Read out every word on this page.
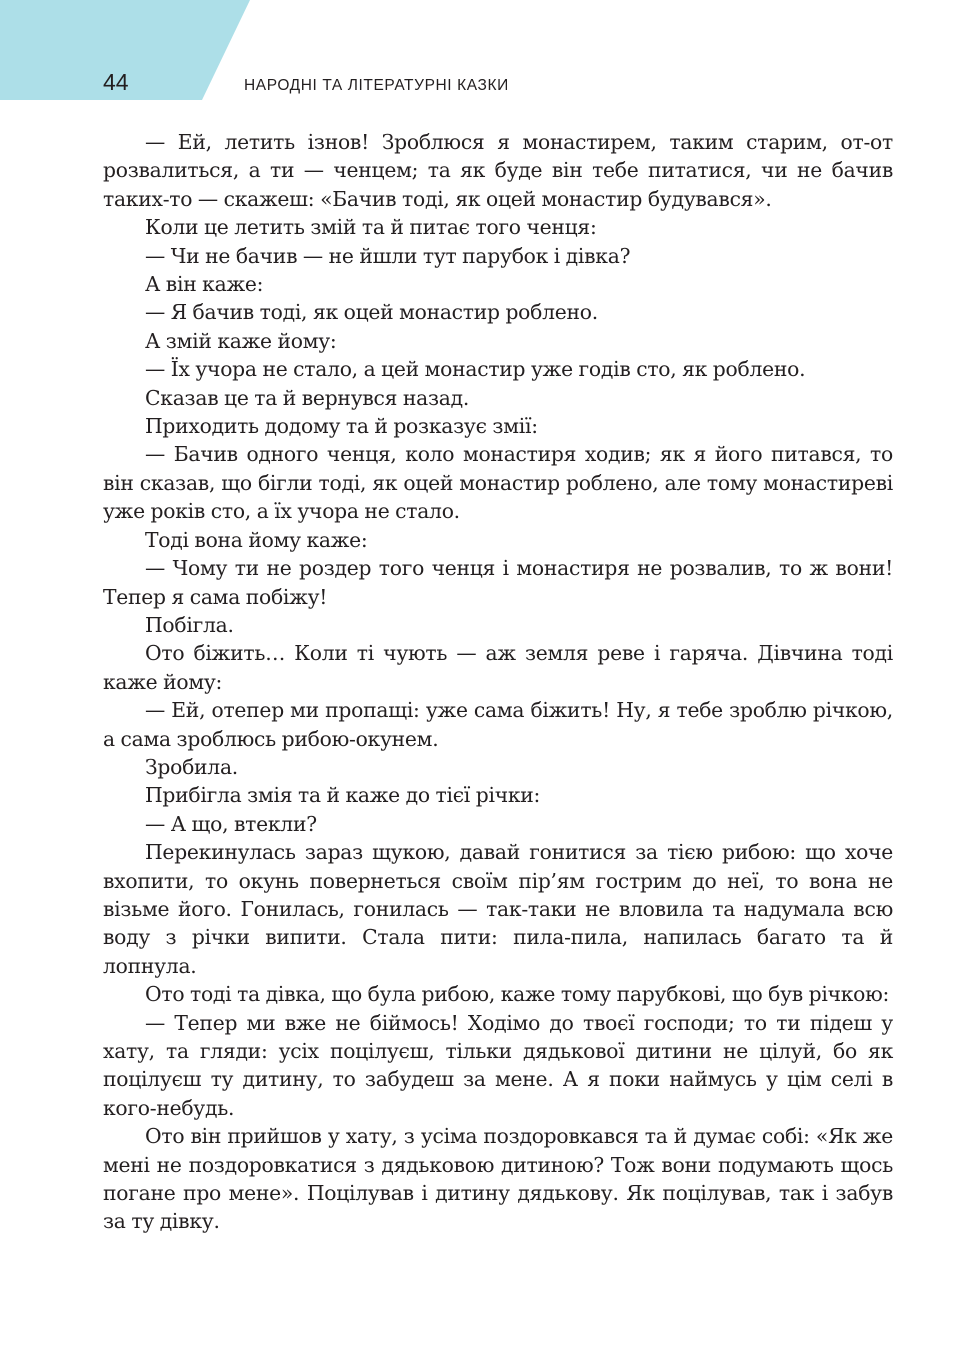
44	НАРОДНІ ТА ЛІТЕРАТУРНІ КАЗКИ

— Ей, летить ізнов! Зроблюся я монастирем, таким старим, от-от розвалиться, а ти — ченцем; та як буде він тебе питатися, чи не бачив таких-то — скажеш: «Бачив тоді, як оцей монастир будувався».

Коли це летить змій та й питає того ченця:

— Чи не бачив — не йшли тут парубок і дівка?

А він каже:

— Я бачив тоді, як оцей монастир роблено.

А змій каже йому:

— Їх учора не стало, а цей монастир уже годів сто, як роблено.

Сказав це та й вернувся назад.

Приходить додому та й розказує змії:

— Бачив одного ченця, коло монастиря ходив; як я його питався, то він сказав, що бігли тоді, як оцей монастир роблено, але тому монастиреві уже років сто, а їх учора не стало.

Тоді вона йому каже:

— Чому ти не роздер того ченця і монастиря не розвалив, то ж вони! Тепер я сама побіжу!

Побігла.

Ото біжить… Коли ті чують — аж земля реве і гаряча. Дівчина тоді каже йому:

— Ей, отепер ми пропащі: уже сама біжить! Ну, я тебе зроблю річкою, а сама зроблюсь рибою-окунем.

Зробила.

Прибігла змія та й каже до тієї річки:

— А що, втекли?

Перекинулась зараз щукою, давай гонитися за тією рибою: що хоче вхопити, то окунь повернеться своїм пір’ям гострим до неї, то вона не візьме його. Гонилась, гонилась — так-таки не вловила та надумала всю воду з річки випити. Стала пити: пила-пила, напилась багато та й лопнула.

Ото тоді та дівка, що була рибою, каже тому парубкові, що був річкою:

— Тепер ми вже не біймось! Ходімо до твоєї господи; то ти підеш у хату, та гляди: усіх поцілуєш, тільки дядькової дитини не цілуй, бо як поцілуєш ту дитину, то забудеш за мене. А я поки наймусь у цім селі в кого-небудь.

Ото він прийшов у хату, з усіма поздоровкався та й думає собі: «Як же мені не поздоровкатися з дядьковою дитиною? Тож вони подумають щось погане про мене». Поцілував і дитину дядькову. Як поцілував, так і забув за ту дівку.
